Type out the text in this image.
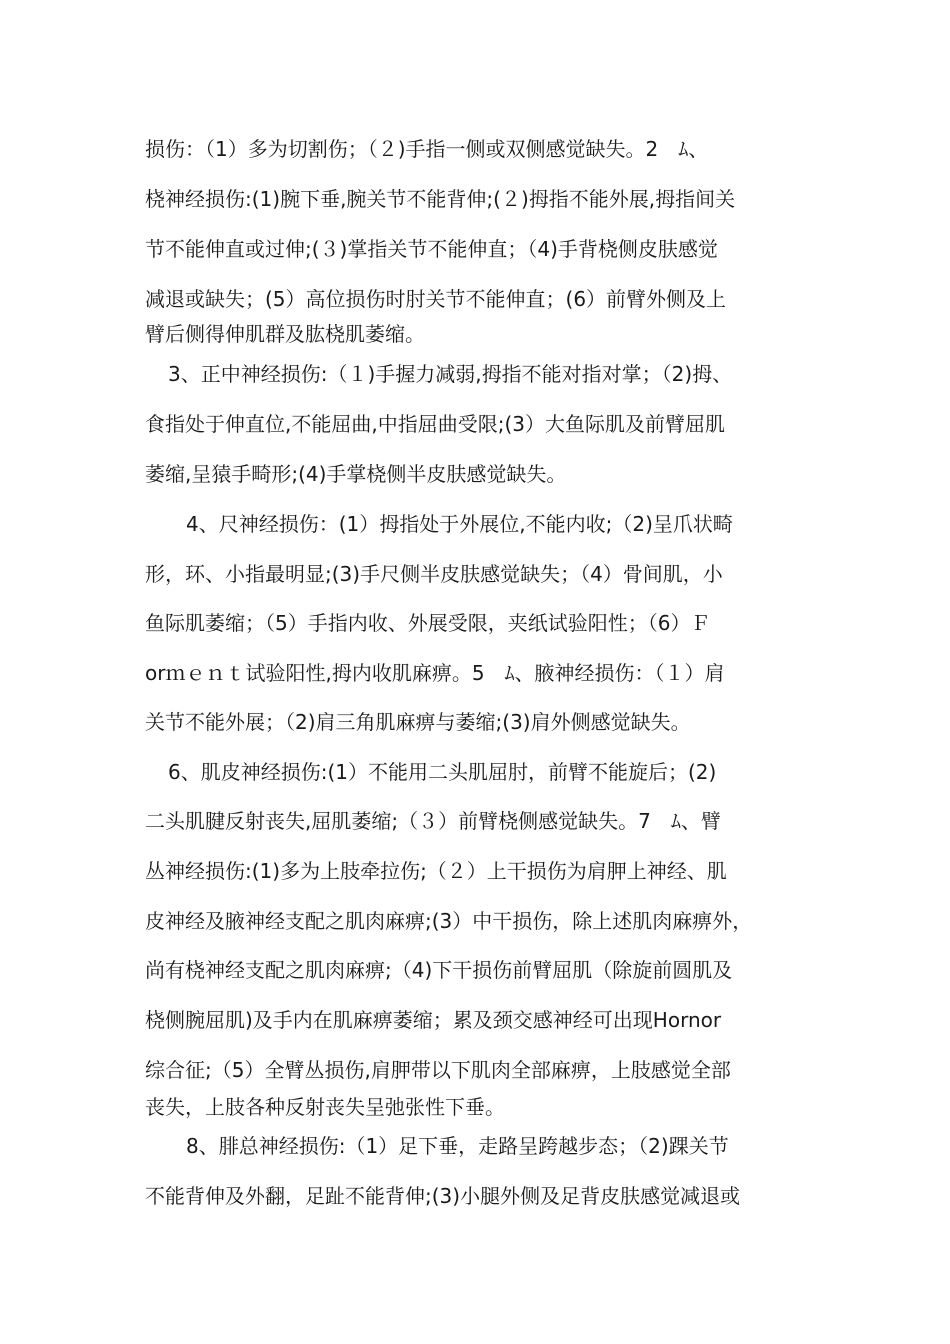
损伤：（1）多为切割伤；（２)手指一侧或双侧感觉缺失。2　ﾑ、
桡神经损伤:(1)腕下垂,腕关节不能背伸;(２)拇指不能外展,拇指间关
节不能伸直或过伸;(３)掌指关节不能伸直；（4)手背桡侧皮肤感觉
减退或缺失；(5）高位损伤时肘关节不能伸直；(6）前臂外侧及上
臂后侧得伸肌群及肱桡肌萎缩。
3、正中神经损伤:（１)手握力减弱,拇指不能对指对掌；（2)拇、
食指处于伸直位,不能屈曲,中指屈曲受限;(3）大鱼际肌及前臂屈肌
萎缩,呈猿手畸形;(4)手掌桡侧半皮肤感觉缺失。
4、尺神经损伤：(1）拇指处于外展位,不能内收;（2)呈爪状畸
形，环、小指最明显;(3)手尺侧半皮肤感觉缺失；（4）骨间肌，小
鱼际肌萎缩；（5）手指内收、外展受限，夹纸试验阳性；（6）Ｆ
orｍｅｎｔ试验阳性,拇内收肌麻痹。5　ﾑ、腋神经损伤：（１）肩
关节不能外展；（2)肩三角肌麻痹与萎缩;(3)肩外侧感觉缺失。
6、肌皮神经损伤:(1）不能用二头肌屈肘，前臂不能旋后；(2)
二头肌腱反射丧失,屈肌萎缩;（３）前臂桡侧感觉缺失。7　ﾑ、臂
丛神经损伤:(1)多为上肢牵拉伤;（２）上干损伤为肩胛上神经、肌
皮神经及腋神经支配之肌肉麻痹;(3）中干损伤，除上述肌肉麻痹外，
尚有桡神经支配之肌肉麻痹;（4)下干损伤前臂屈肌（除旋前圆肌及
桡侧腕屈肌)及手内在肌麻痹萎缩；累及颈交感神经可出现Hornor
综合征;（5）全臂丛损伤,肩胛带以下肌肉全部麻痹，上肢感觉全部
丧失，上肢各种反射丧失呈弛张性下垂。
8、腓总神经损伤:（1）足下垂，走路呈跨越步态；（2)踝关节
不能背伸及外翻，足趾不能背伸;(3)小腿外侧及足背皮肤感觉减退或
